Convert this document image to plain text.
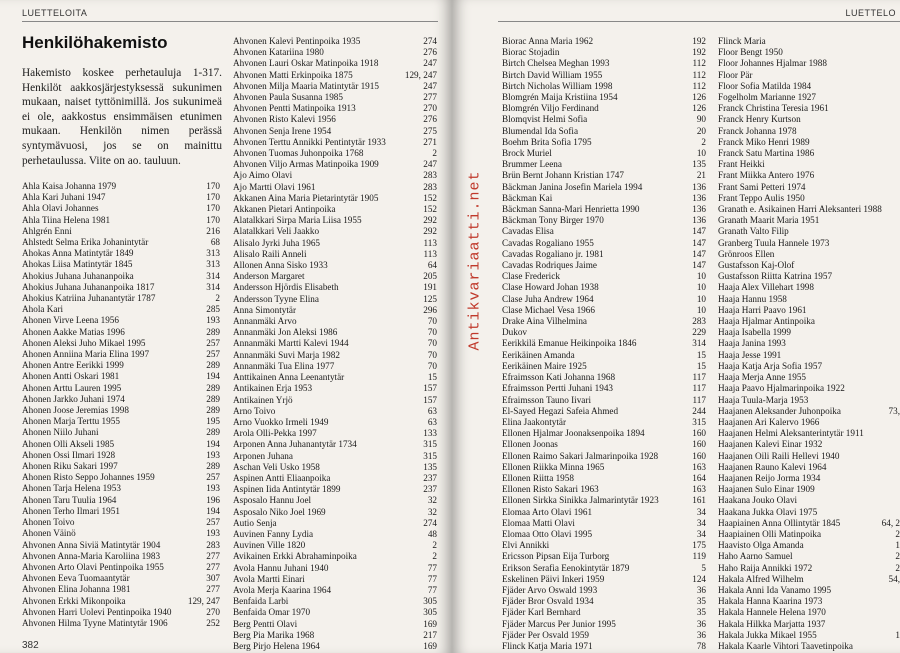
LUETTELOITA
Henkilöhakemisto

Hakemisto koskee perhetauluja 1-317. Henkilöt aakkosjärjestyksessä sukunimen mukaan, naiset tyttönimillä. Jos sukunimeä ei ole, aakkostus ensimmäisen etunimen mukaan. Henkilön nimen perässä syntymävuosi, jos se on mainittu perhetaulussa. Viite on ao. tauluun.

Ahla Kaisa Johanna 1979	170
Ahla Kari Juhani 1947	170
Ahla Olavi Johannes	170
Ahla Tiina Helena 1981	170
Ahlgrén Enni	216
Ahlstedt Selma Erika Johanintytär	68
Ahokas Anna Matintytär 1849	313
Ahokas Liisa Matintytär 1845	313
Ahokius Juhana Juhananpoika	314
Ahokius Juhana Juhananpoika 1817	314
Ahokius Katriina Juhanantytär 1787	2
Ahola Kari	285
Ahonen Virve Leena 1956	193
Ahonen Aakke Matias 1996	289
Ahonen Aleksi Juho Mikael 1995	257
Ahonen Anniina Maria Elina 1997	257
Ahonen Antre Eerikki 1999	289
Ahonen Antti Oskari 1981	194
Ahonen Arttu Lauren 1995	289
Ahonen Jarkko Juhani 1974	289
Ahonen Joose Jeremias 1998	289
Ahonen Marja Terttu 1955	195
Ahonen Niilo Juhani	289
Ahonen Olli Akseli 1985	194
Ahonen Ossi Ilmari 1928	193
Ahonen Riku Sakari 1997	289
Ahonen Risto Seppo Johannes 1959	257
Ahonen Tarja Helena 1953	193
Ahonen Taru Tuulia 1964	196
Ahonen Terho Ilmari 1951	194
Ahonen Toivo	257
Ahonen Väinö	193
Ahvonen Anna Siviä Matintytär 1904	283
Ahvonen Anna-Maria Karoliina 1983	277
Ahvonen Arto Olavi Pentinpoika 1955	277
Ahvonen Eeva Tuomaantytär	307
Ahvonen Elina Johanna 1981	277
Ahvonen Erkki Mikonpoika	129, 247
Ahvonen Harri Uolevi Pentinpoika 1940	270
Ahvonen Hilma Tyyne Matintytär 1906	252
Ahvonen Kalevi Pentinpoika 1935	274
Ahvonen Katariina 1980	276
Ahvonen Lauri Oskar Matinpoika 1918	247
Ahvonen Matti Erkinpoika 1875	129, 247
Ahvonen Milja Maaria Matintytär 1915	247
Ahvonen Paula Susanna 1985	277
Ahvonen Pentti Matinpoika 1913	270
Ahvonen Risto Kalevi 1956	276
Ahvonen Senja Irene 1954	275
Ahvonen Terttu Annikki Pentintytär 1933	271
Ahvonen Tuomas Juhonpoika 1768	2
Ahvonen Viljo Armas Matinpoika 1909	247
Ajo Aimo Olavi	283
Ajo Martti Olavi 1961	283
Akkanen Aina Maria Pietarintytär 1905	152
Akkanen Pietari Antinpoika	152
Alatalkkari Sirpa Maria Liisa 1955	292
Alatalkkari Veli Jaakko	292
Alisalo Jyrki Juha 1965	113
Alisalo Raili Anneli	113
Allonen Anna Sisko 1933	64
Anderson Margaret	205
Andersson Hjördis Elisabeth	191
Andersson Tyyne Elina	125
Anna Simontytär	296
Annanmäki Arvo	70
Annanmäki Jon Aleksi 1986	70
Annanmäki Martti Kalevi 1944	70
Annanmäki Suvi Marja 1982	70
Annanmäki Tua Elina 1977	70
Anttikainen Anna Leenantytär	15
Antikainen Erja 1953	157
Antikainen Yrjö	157
Arno Toivo	63
Arno Vuokko Irmeli 1949	63
Arola Olli-Pekka 1997	133
Arponen Anna Juhanantytär 1734	315
Arponen Juhana	315
Aschan Veli Usko 1958	135
Aspinen Antti Eliaanpoika	237
Aspinen Iida Antintytär 1899	237
Asposalo Hannu Joel	32
Asposalo Niko Joel 1969	32
Autio Senja	274
Auvinen Fanny Lydia	48
Auvinen Ville 1820	2
Avikainen Erkki Abrahaminpoika	2
Avola Hannu Juhani 1940	77
Avola Martti Einari	77
Avola Merja Kaarina 1964	77
Benfaida Larbi	305
Benfaida Omar 1970	305
Berg Pentti Olavi	169
Berg Pia Marika 1968	217
Berg Pirjo Helena 1964	169
382
LUETTELO
Biorac Anna Maria 1962	192
Biorac Stojadin	192
Birtch Chelsea Meghan 1993	112
Birtch David William 1955	112
Birtch Nicholas William 1998	112
Blomgrén Maija Kristiina 1954	126
Blomgrén Viljo Ferdinand	126
Blomqvist Helmi Sofia	90
Blumendal Ida Sofia	20
Boehm Brita Sofia 1795	2
Brock Muriel	10
Brummer Leena	135
Brün Bernt Johann Kristian 1747	21
Bäckman Janina Josefin Mariela 1994	136
Bäckman Kai	136
Bäckman Sanna-Mari Henrietta 1990	136
Bäckman Tony Birger 1970	136
Cavadas Elisa	147
Cavadas Rogaliano 1955	147
Cavadas Rogaliano jr. 1981	147
Cavadas Rodriques Jaime	147
Clase Frederick	10
Clase Howard Johan 1938	10
Clase Juha Andrew 1964	10
Clase Michael Vesa 1966	10
Drake Aina Vilhelmina	283
Dukov	229
Eerikkilä Emanue Heikinpoika 1846	314
Eerikäinen Amanda	15
Eerikäinen Maire 1925	15
Efraimsson Kati Johanna 1968	117
Efraimsson Pertti Juhani 1943	117
Efraimsson Tauno Iivari	117
El-Sayed Hegazi Safeia Ahmed	244
Elina Jaakontytär	315
Ellonen Hjalmar Joonaksenpoika 1894	160
Ellonen Joonas	160
Ellonen Raimo Sakari Jalmarinpoika 1928	160
Ellonen Riikka Minna 1965	163
Ellonen Riitta 1958	164
Ellonen Risto Sakari 1963	163
Ellonen Sirkka Sinikka Jalmarintytär 1923	161
Elomaa Arto Olavi 1961	34
Elomaa Matti Olavi	34
Elomaa Otto Olavi 1995	34
Elvi Annikki	175
Ericsson Pipsan Eija Turborg	119
Erikson Serafia Eenokintytär 1879	5
Eskelinen Päivi Inkeri 1959	124
Fjäder Arvo Oswald 1993	36
Fjäder Bror Osvald 1934	35
Fjäder Karl Bernhard	35
Fjäder Marcus Per Junior 1995	36
Fjäder Per Osvald 1959	36
Flinck Katja Maria 1971	78
Flinck Maria
Floor Bengt 1950
Floor Johannes Hjalmar 1988
Floor Pär
Floor Sofia Matilda 1984
Fogelholm Marianne 1927
Franck Christina Teresia 1961
Franck Henry Kurtson
Franck Johanna 1978
Franck Miko Henri 1989
Franck Satu Martina 1986
Frant Heikki
Frant Miikka Antero 1976
Frant Sami Petteri 1974
Frant Teppo Aulis 1950
Granath e. Asikainen Harri Aleksanteri 1988
Granath Maarit Maria 1951
Granath Valto Filip
Granberg Tuula Hannele 1973
Grönroos Ellen
Gustafsson Kaj-Olof
Gustafsson Riitta Katrina 1957
Haaja Alex Villehart 1998
Haaja Hannu 1958
Haaja Harri Paavo 1961
Haaja Hjalmar Antinpoika
Haaja Isabella 1999
Haaja Janina 1993
Haaja Jesse 1991
Haaja Katja Arja Sofia 1957
Haaja Merja Anne 1955
Haaja Paavo Hjalmarinpoika 1922
Haaja Tuula-Marja 1953
Haajanen Aleksander Juhonpoika	73,
Haajanen Ari Kalervo 1966
Haajanen Helmi Aleksanterintytär 1911
Haajanen Kalevi Einar 1932
Haajanen Oili Raili Hellevi 1940
Haajanen Rauno Kalevi 1964
Haajanen Reijo Jorma 1934
Haajanen Sulo Einar 1909
Haakana Jouko Olavi
Haakana Jukka Olavi 1975
Haapiainen Anna Ollintytär 1845	64, 2
Haapiainen Olli Matinpoika	2
Haavisto Olga Amanda	1
Haho Aarno Samuel	2
Haho Raija Annikki 1972	2
Hakala Alfred Wilhelm	54,
Hakala Anni Ida Vanamo 1995
Hakala Hanna Kaarina 1973
Hakala Hannele Helena 1970
Hakala Hilkka Marjatta 1937
Hakala Jukka Mikael 1955	1
Hakala Kaarle Vihtori Taavetinpoika
Antikvariaatti.net
